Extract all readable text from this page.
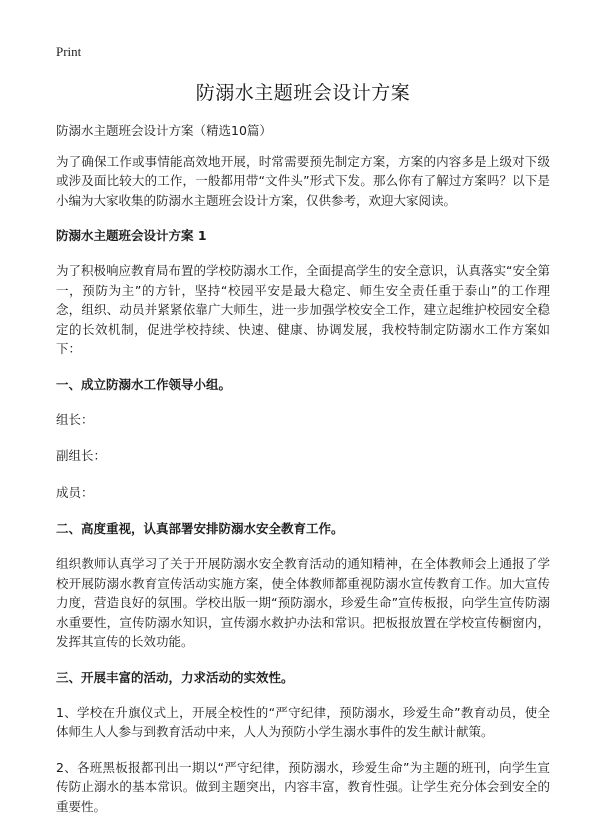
Print
防溺水主题班会设计方案

防溺水主题班会设计方案（精选10篇）

为了确保工作或事情能高效地开展，时常需要预先制定方案，方案的内容多是上级对下级或涉及面比较大的工作，一般都用带“文件头”形式下发。那么你有了解过方案吗？以下是小编为大家收集的防溺水主题班会设计方案，仅供参考，欢迎大家阅读。

防溺水主题班会设计方案 1

为了积极响应教育局布置的学校防溺水工作，全面提高学生的安全意识，认真落实“安全第一，预防为主”的方针，坚持“校园平安是最大稳定、师生安全责任重于泰山”的工作理念，组织、动员并紧紧依靠广大师生，进一步加强学校安全工作，建立起维护校园安全稳定的长效机制，促进学校持续、快速、健康、协调发展，我校特制定防溺水工作方案如下：

一、成立防溺水工作领导小组。

组长：

副组长：

成员：

二、高度重视，认真部署安排防溺水安全教育工作。

组织教师认真学习了关于开展防溺水安全教育活动的通知精神，在全体教师会上通报了学校开展防溺水教育宣传活动实施方案，使全体教师都重视防溺水宣传教育工作。加大宣传力度，营造良好的氛围。学校出版一期“预防溺水，珍爱生命”宣传板报，向学生宣传防溺水重要性，宣传防溺水知识，宣传溺水救护办法和常识。把板报放置在学校宣传橱窗内，发挥其宣传的长效功能。

三、开展丰富的活动，力求活动的实效性。

1、学校在升旗仪式上，开展全校性的“严守纪律，预防溺水，珍爱生命”教育动员，使全体师生人人参与到教育活动中来，人人为预防小学生溺水事件的发生献计献策。

2、各班黑板报都刊出一期以“严守纪律，预防溺水，珍爱生命”为主题的班刊，向学生宣传防止溺水的基本常识。做到主题突出，内容丰富，教育性强。让学生充分体会到安全的重要性。
